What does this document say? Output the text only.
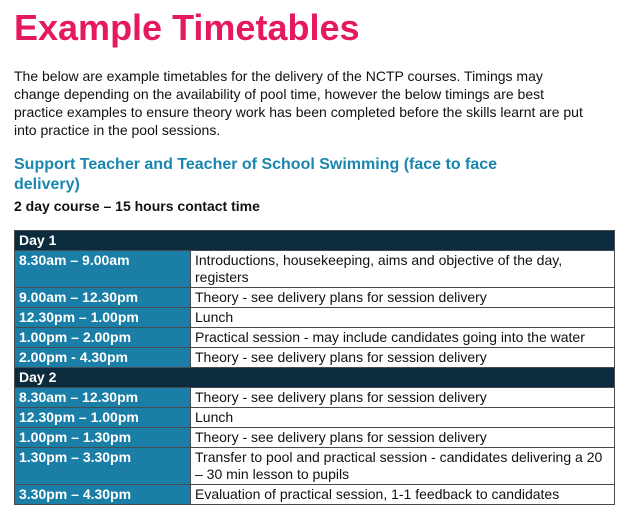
Example Timetables

The below are example timetables for the delivery of the NCTP courses. Timings may
change depending on the availability of pool time, however the below timings are best
practice examples to ensure theory work has been completed before the skills learnt are put
into practice in the pool sessions.

Support Teacher and Teacher of School Swimming (face to face
delivery)

2 day course – 15 hours contact time

Day 1	
8.30am – 9.00am	Introductions, housekeeping, aims and objective of the day, registers
9.00am – 12.30pm	Theory - see delivery plans for session delivery
12.30pm – 1.00pm	Lunch
1.00pm – 2.00pm	Practical session - may include candidates going into the water
2.00pm - 4.30pm	Theory - see delivery plans for session delivery
Day 2	
8.30am – 12.30pm	Theory - see delivery plans for session delivery
12.30pm – 1.00pm	Lunch
1.00pm – 1.30pm	Theory - see delivery plans for session delivery
1.30pm – 3.30pm	Transfer to pool and practical session - candidates delivering a 20 – 30 min lesson to pupils
3.30pm – 4.30pm	Evaluation of practical session, 1-1 feedback to candidates
